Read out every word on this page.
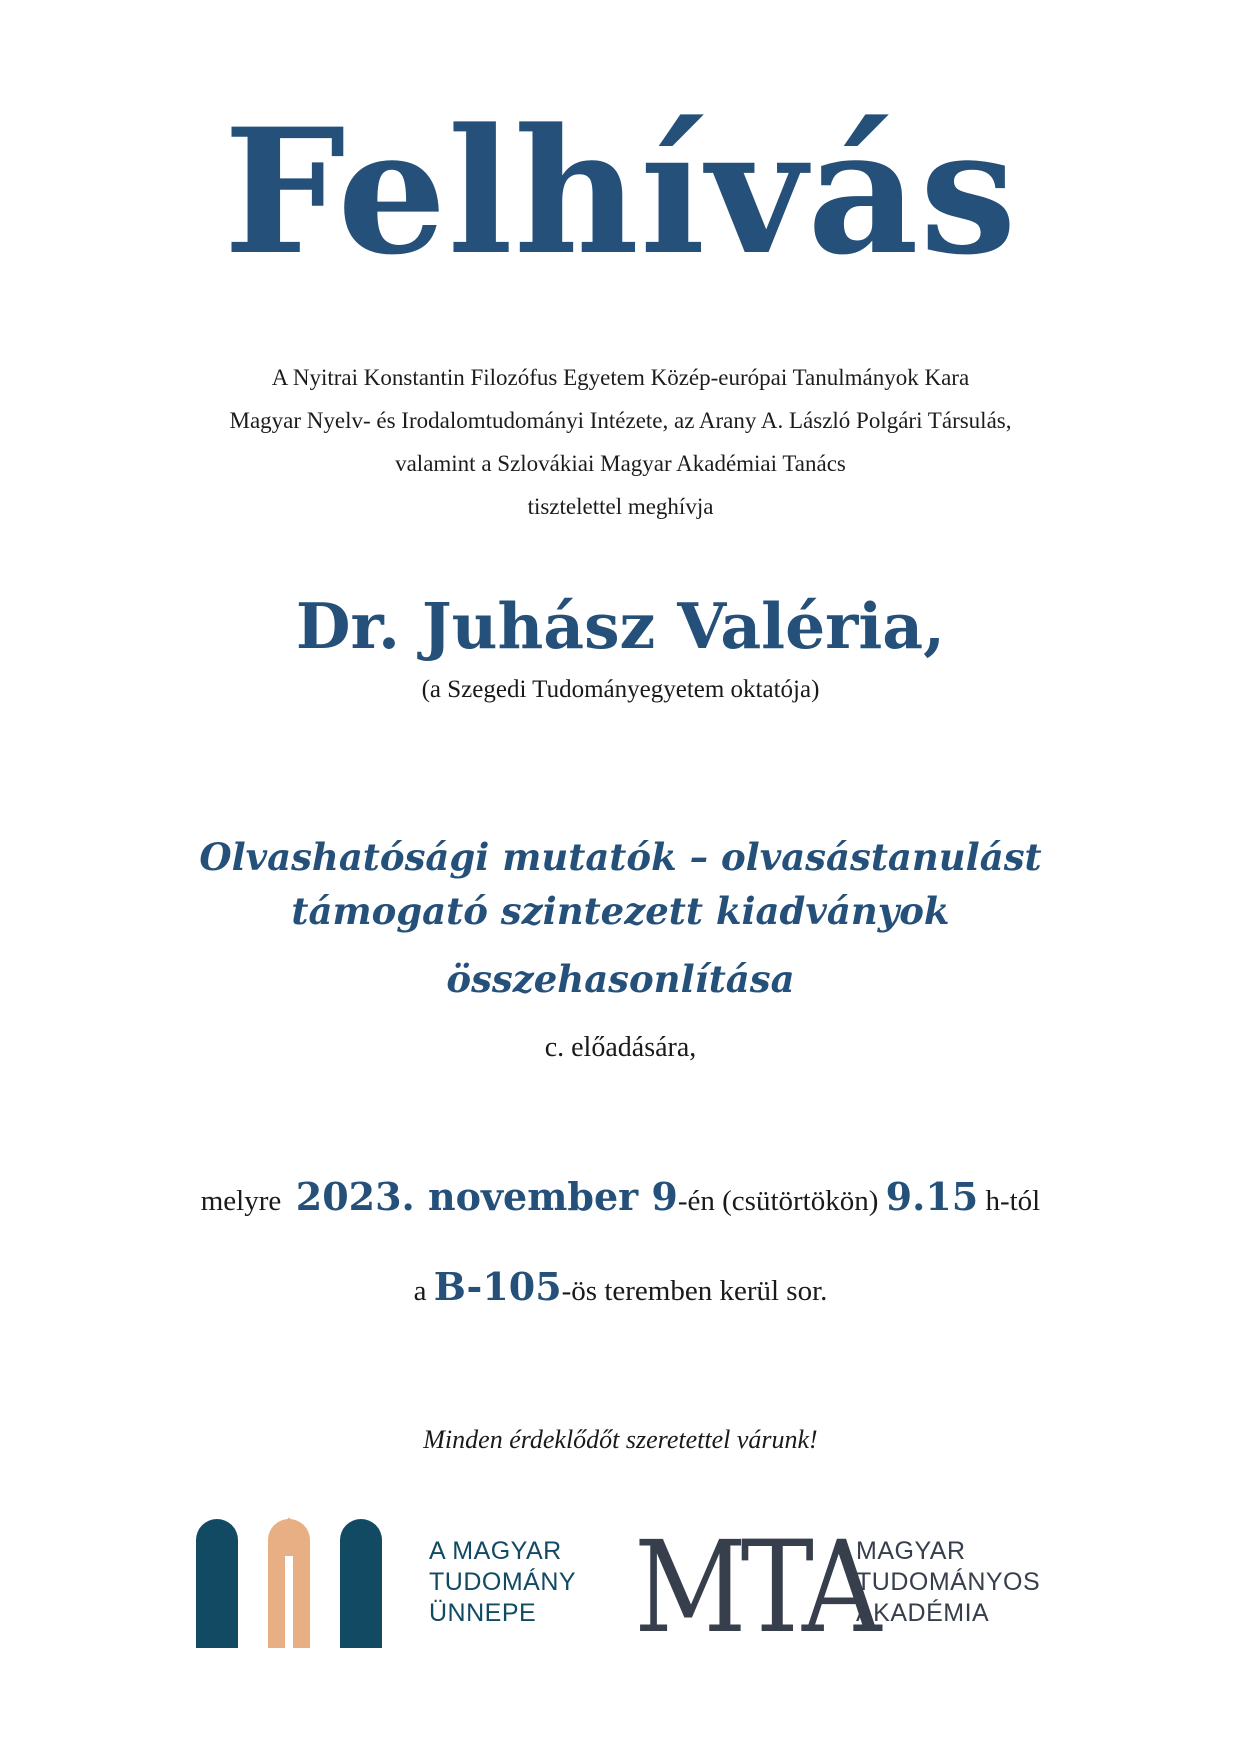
Felhívás
A Nyitrai Konstantin Filozófus Egyetem Közép-európai Tanulmányok Kara
Magyar Nyelv- és Irodalomtudományi Intézete, az Arany A. László Polgári Társulás,
valamint a Szlovákiai Magyar Akadémiai Tanács
tisztelettel meghívja
Dr. Juhász Valéria,
(a Szegedi Tudományegyetem oktatója)
Olvashatósági mutatók – olvasástanulást
támogató szintezett kiadványok
összehasonlítása
c. előadására,
melyre 2023. november 9-én (csütörtökön) 9.15 h-tól
a B-105-ös teremben kerül sor.
Minden érdeklődőt szeretettel várunk!
A MAGYAR
TUDOMÁNY
ÜNNEPE MTA
MAGYAR
TUDOMÁNYOS
AKADÉMIA
